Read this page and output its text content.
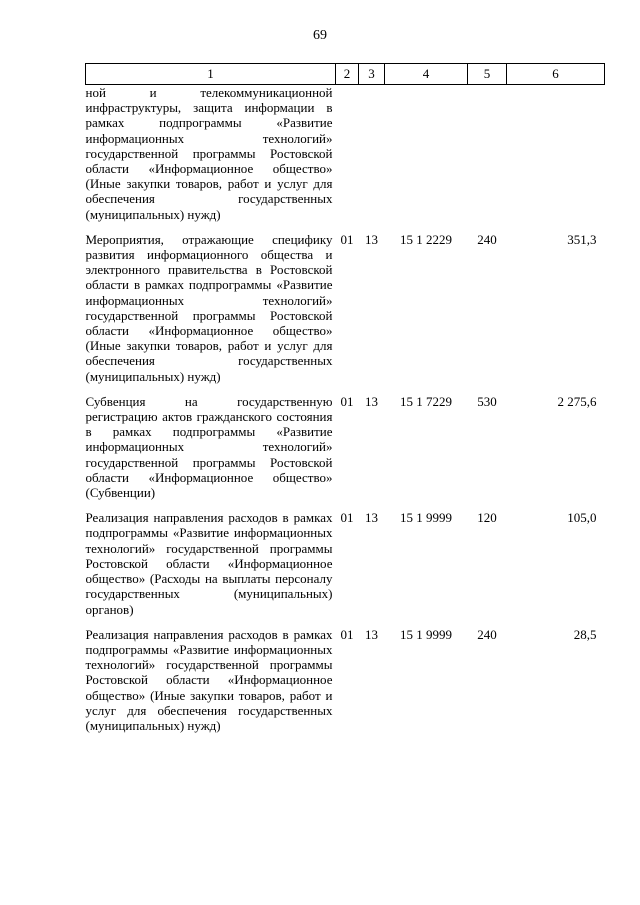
69
1	2	3	4	5	6
ной и телекоммуникационной инфраструктуры, защита информации в рамках подпрограммы «Развитие информационных технологий» государственной программы Ростовской области «Информационное общество» (Иные закупки товаров, работ и услуг для обеспечения государственных (муниципальных) нужд)					

Мероприятия, отражающие специфику развития информационного общества и электронного правительства в Ростовской области в рамках подпрограммы «Развитие информационных технологий» государственной программы Ростовской области «Информационное общество» (Иные закупки товаров, работ и услуг для обеспечения государственных (муниципальных) нужд)	01	13	15 1 2229	240	351,3

Субвенция на государственную регистрацию актов гражданского состояния в рамках подпрограммы «Развитие информационных технологий» государственной программы Ростовской области «Информационное общество» (Субвенции)	01	13	15 1 7229	530	2 275,6

Реализация направления расходов в рамках подпрограммы «Развитие информационных технологий» государственной программы Ростовской области «Информационное общество» (Расходы на выплаты персоналу государственных (муниципальных) органов)	01	13	15 1 9999	120	105,0

Реализация направления расходов в рамках подпрограммы «Развитие информационных технологий» государственной программы Ростовской области «Информационное общество» (Иные закупки товаров, работ и услуг для обеспечения государственных (муниципальных) нужд)	01	13	15 1 9999	240	28,5
